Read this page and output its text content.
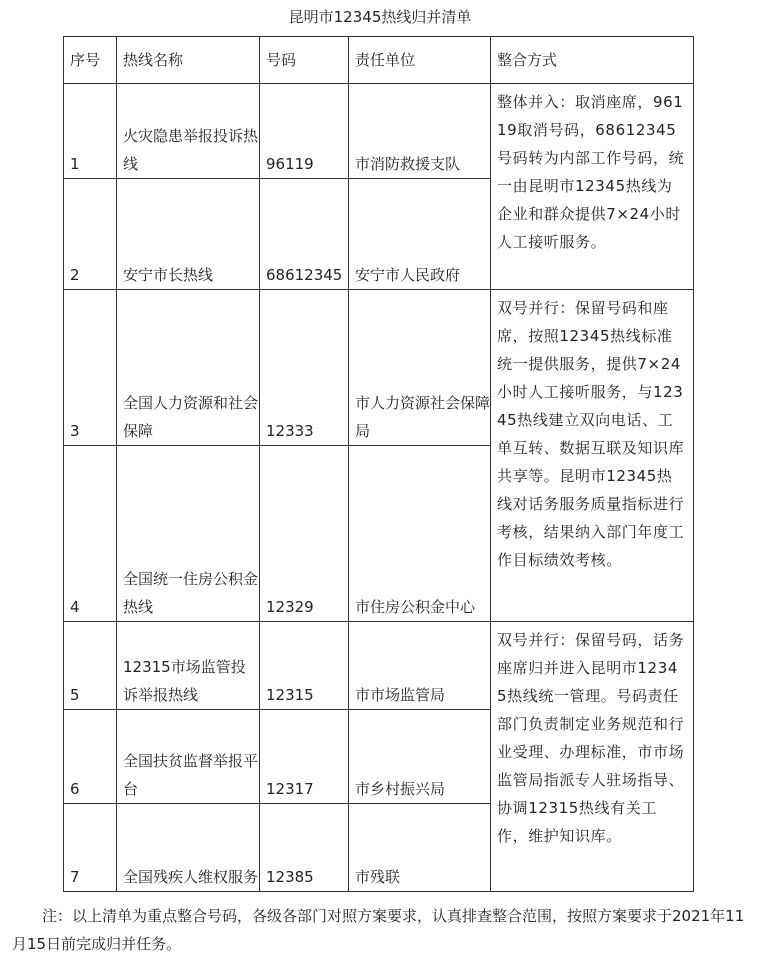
昆明市12345热线归并清单
序号	热线名称	号码	责任单位	整合方式
1	火灾隐患举报投诉热线	96119	市消防救援支队	整体并入：取消座席，96119取消号码，68612345号码转为内部工作号码，统一由昆明市12345热线为企业和群众提供7×24小时人工接听服务。
2	安宁市长热线	68612345	安宁市人民政府	
3	全国人力资源和社会保障	12333	市人力资源社会保障局	双号并行：保留号码和座席，按照12345热线标准统一提供服务，提供7×24小时人工接听服务，与12345热线建立双向电话、工单互转、数据互联及知识库共享等。昆明市12345热线对话务服务质量指标进行考核，结果纳入部门年度工作目标绩效考核。
4	全国统一住房公积金热线	12329	市住房公积金中心	
5	12315市场监管投诉举报热线	12315	市市场监管局	双号并行：保留号码，话务座席归并进入昆明市12345热线统一管理。号码责任部门负责制定业务规范和行业受理、办理标准，市市场监管局指派专人驻场指导、协调12315热线有关工作，维护知识库。
6	全国扶贫监督举报平台	12317	市乡村振兴局	
7	全国残疾人维权服务	12385	市残联	
注：以上清单为重点整合号码，各级各部门对照方案要求，认真排查整合范围，按照方案要求于2021年11月15日前完成归并任务。
